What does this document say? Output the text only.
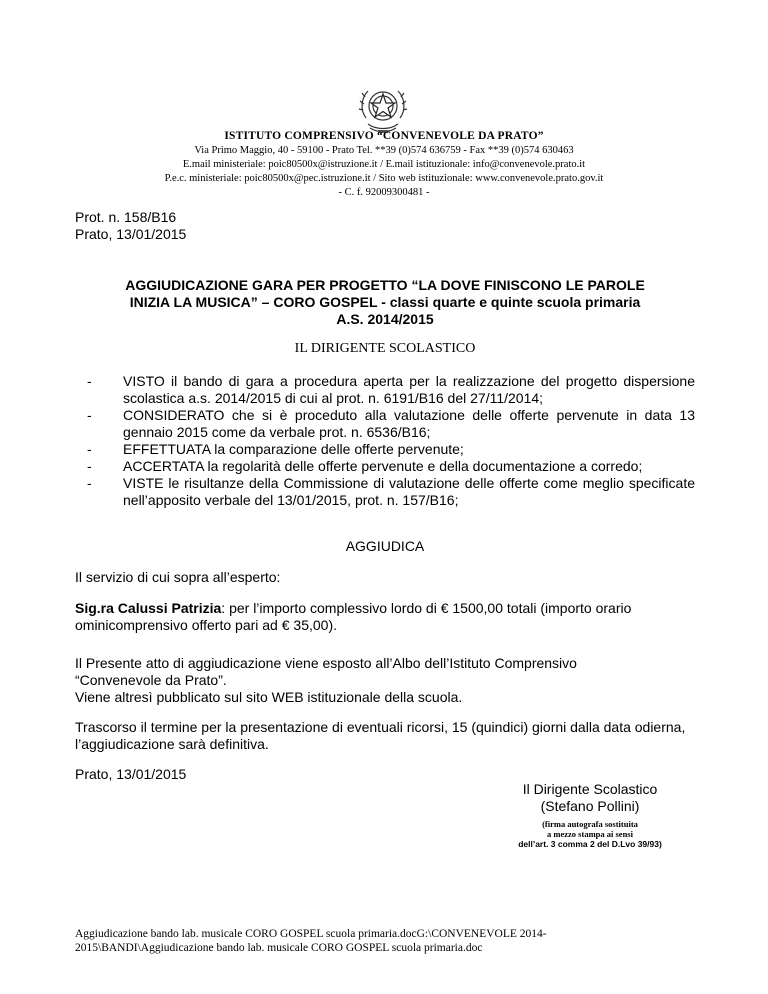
ISTITUTO COMPRENSIVO “CONVENEVOLE DA PRATO”
Via Primo Maggio, 40 - 59100 - Prato Tel. **39 (0)574 636759 - Fax **39 (0)574 630463
E.mail ministeriale: poic80500x@istruzione.it / E.mail istituzionale: info@convenevole.prato.it
P.e.c. ministeriale: poic80500x@pec.istruzione.it / Sito web istituzionale: www.convenevole.prato.gov.it
- C. f. 92009300481 -
Prot. n. 158/B16
Prato, 13/01/2015
AGGIUDICAZIONE GARA PER PROGETTO “LA DOVE FINISCONO LE PAROLE
INIZIA LA MUSICA” – CORO GOSPEL - classi quarte e quinte scuola primaria
A.S. 2014/2015
IL DIRIGENTE SCOLASTICO
- VISTO il bando di gara a procedura aperta per la realizzazione del progetto dispersione scolastica a.s. 2014/2015 di cui al prot. n. 6191/B16 del 27/11/2014;
- CONSIDERATO che si è proceduto alla valutazione delle offerte pervenute in data 13 gennaio 2015 come da verbale prot. n. 6536/B16;
- EFFETTUATA la comparazione delle offerte pervenute;
- ACCERTATA la regolarità delle offerte pervenute e della documentazione a corredo;
- VISTE le risultanze della Commissione di valutazione delle offerte come meglio specificate nell’apposito verbale del 13/01/2015, prot. n. 157/B16;
AGGIUDICA
Il servizio di cui sopra all’esperto:
Sig.ra Calussi Patrizia: per l’importo complessivo lordo di € 1500,00 totali (importo orario ominicomprensivo offerto pari ad € 35,00).
Il Presente atto di aggiudicazione viene esposto all’Albo dell’Istituto Comprensivo
“Convenevole da Prato”.
Viene altresì pubblicato sul sito WEB istituzionale della scuola.
Trascorso il termine per la presentazione di eventuali ricorsi, 15 (quindici) giorni dalla data odierna, l’aggiudicazione sarà definitiva.
Prato, 13/01/2015
Il Dirigente Scolastico
(Stefano Pollini)
(firma autografa sostituita
a mezzo stampa ai sensi
dell’art. 3 comma 2 del D.Lvo 39/93)
Aggiudicazione bando lab. musicale CORO GOSPEL scuola primaria.docG:\CONVENEVOLE 2014-
2015\BANDI\Aggiudicazione bando lab. musicale CORO GOSPEL scuola primaria.doc
